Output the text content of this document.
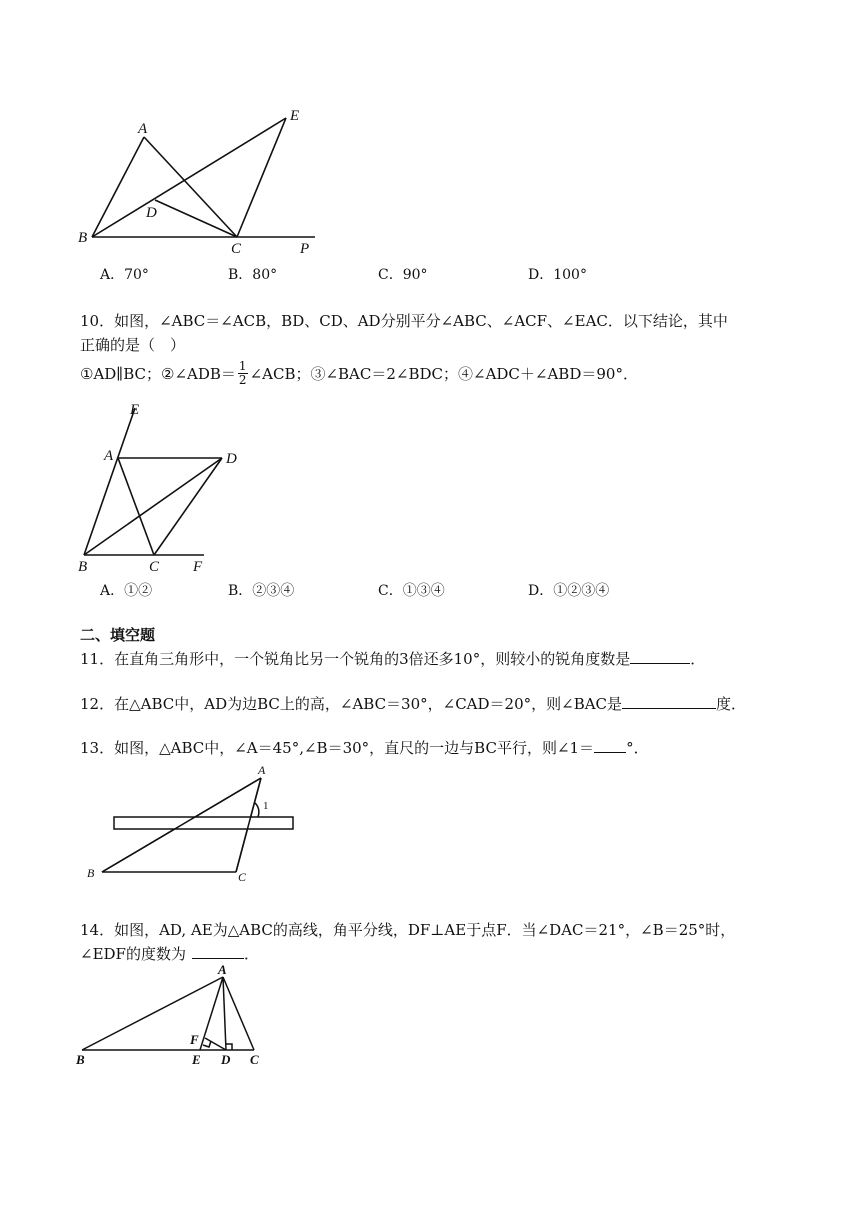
A
E
D
B
C	P
A．70°	B．80°	C．90°	D．100°
10．如图，∠ABC＝∠ACB，BD、CD、AD分别平分∠ABC、∠ACF、∠EAC．以下结论，其中
正确的是（　）
①AD∥BC；②∠ADB＝ $\frac{1}{2}$ ∠ACB；③∠BAC＝2∠BDC；④∠ADC＋∠ABD＝90°．
E
A	D
B	C F
A．①②	B．②③④	C．①③④	D．①②③④
二、填空题
11．在直角三角形中，一个锐角比另一个锐角的3倍还多10°，则较小的锐角度数是	．
12．在△ABC中，AD为边BC上的高，∠ABC＝30°，∠CAD＝20°，则∠BAC是	度．
13．如图，△ABC中，∠A＝45°,∠B＝30°，直尺的一边与BC平行，则∠1＝ °．
A
1
B	C
14．如图，AD, AE为△ABC的高线，角平分线，DF⊥AE于点F．当∠DAC＝21°，∠B＝25°时，
∠EDF的度数为	．
A
F
B	E D C
